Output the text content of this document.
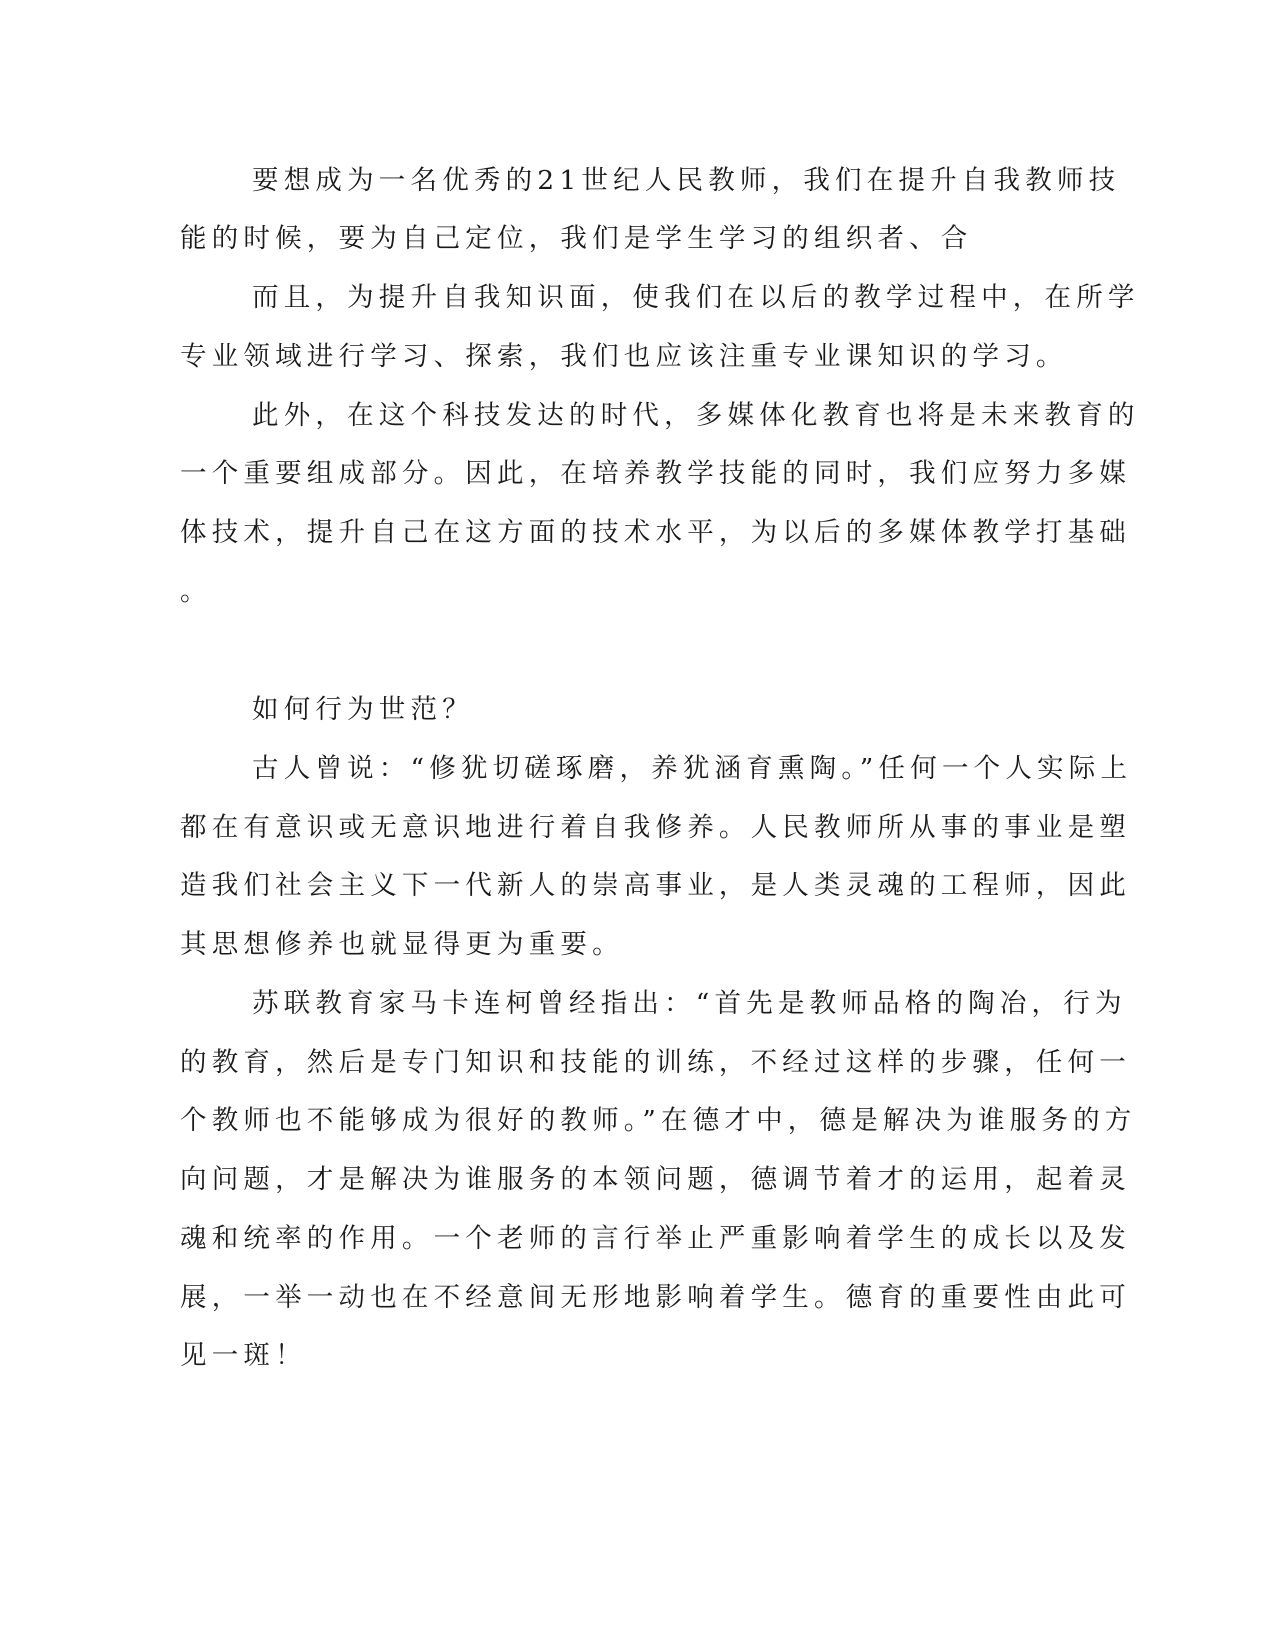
要想成为一名优秀的21世纪人民教师，我们在提升自我教师技
能的时候，要为自己定位，我们是学生学习的组织者、合
而且，为提升自我知识面，使我们在以后的教学过程中，在所学
专业领域进行学习、探索，我们也应该注重专业课知识的学习。
此外，在这个科技发达的时代，多媒体化教育也将是未来教育的
一个重要组成部分。因此，在培养教学技能的同时，我们应努力多媒
体技术，提升自己在这方面的技术水平，为以后的多媒体教学打基础
。
如何行为世范？
古人曾说：“修犹切磋琢磨，养犹涵育熏陶。”任何一个人实际上
都在有意识或无意识地进行着自我修养。人民教师所从事的事业是塑
造我们社会主义下一代新人的崇高事业，是人类灵魂的工程师，因此
其思想修养也就显得更为重要。
苏联教育家马卡连柯曾经指出：“首先是教师品格的陶冶，行为
的教育，然后是专门知识和技能的训练，不经过这样的步骤，任何一
个教师也不能够成为很好的教师。”在德才中，德是解决为谁服务的方
向问题，才是解决为谁服务的本领问题，德调节着才的运用，起着灵
魂和统率的作用。一个老师的言行举止严重影响着学生的成长以及发
展，一举一动也在不经意间无形地影响着学生。德育的重要性由此可
见一斑！
